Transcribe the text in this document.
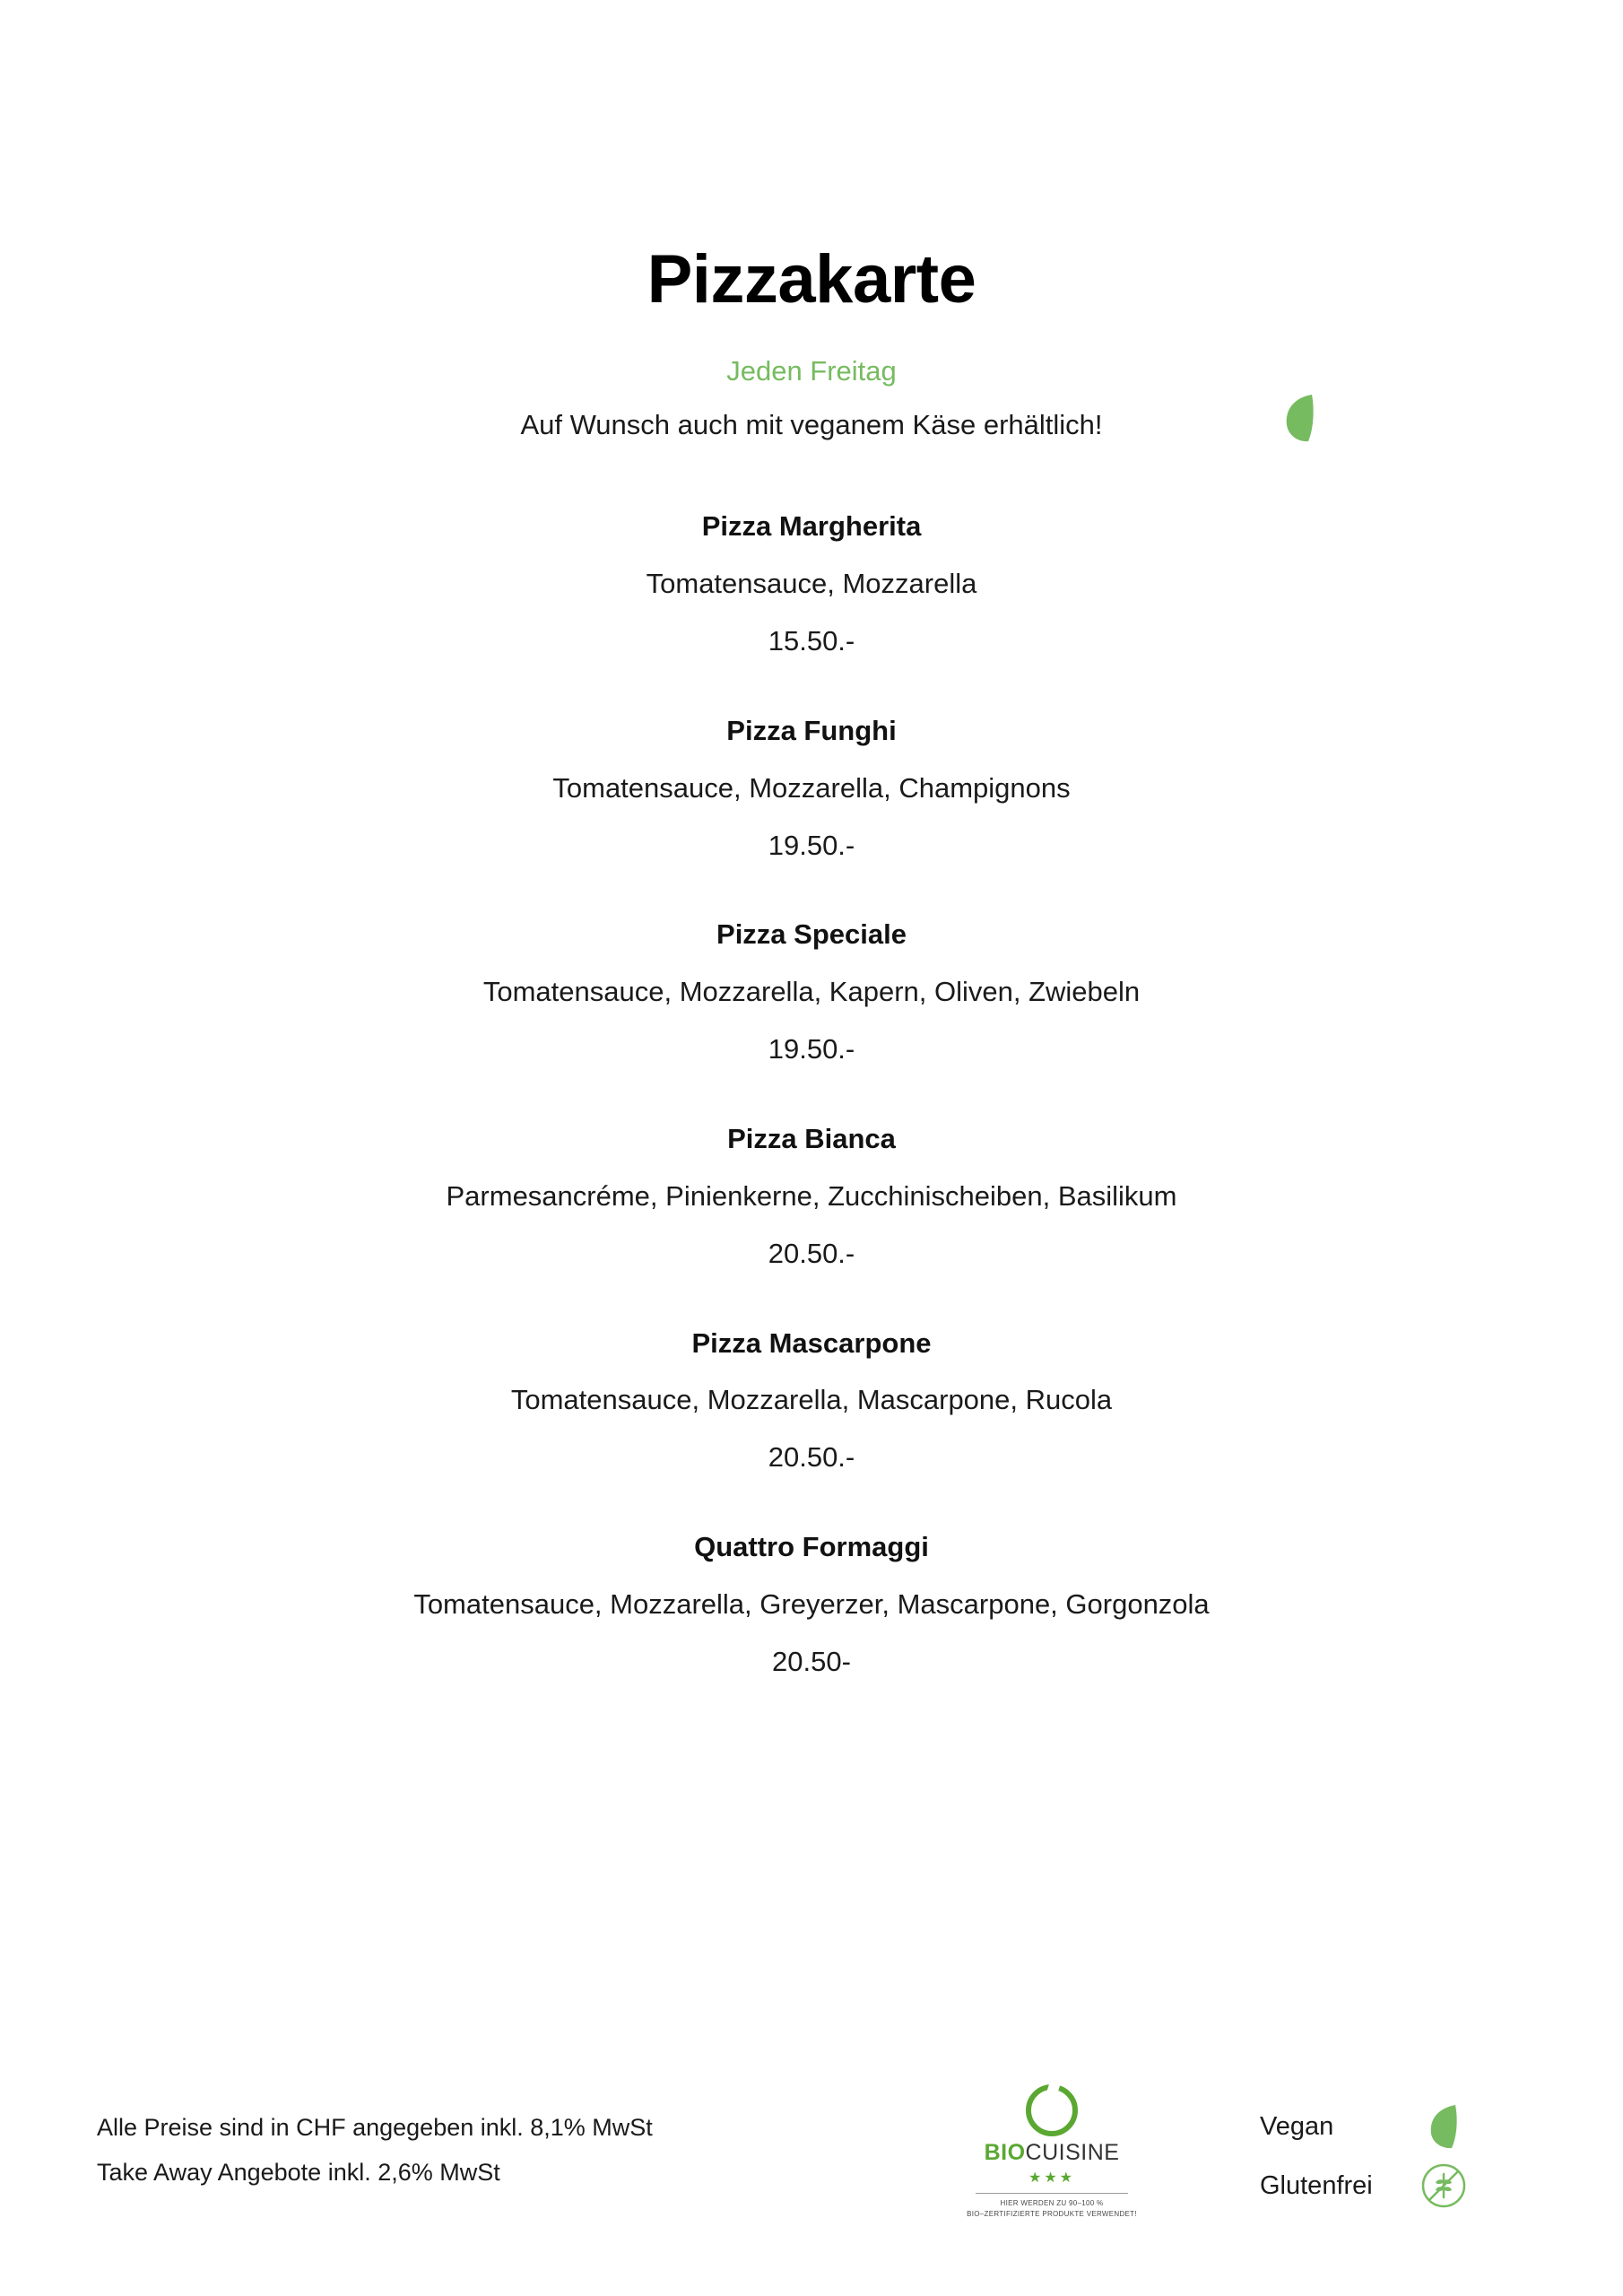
Pizzakarte
Jeden Freitag
Auf Wunsch auch mit veganem Käse erhältlich!
Pizza Margherita
Tomatensauce, Mozzarella
15.50.-
Pizza Funghi
Tomatensauce, Mozzarella, Champignons
19.50.-
Pizza Speciale
Tomatensauce, Mozzarella, Kapern, Oliven, Zwiebeln
19.50.-
Pizza Bianca
Parmesancréme, Pinienkerne, Zucchinischeiben, Basilikum
20.50.-
Pizza Mascarpone
Tomatensauce, Mozzarella, Mascarpone, Rucola
20.50.-
Quattro Formaggi
Tomatensauce, Mozzarella, Greyerzer, Mascarpone, Gorgonzola
20.50-
Alle Preise sind in CHF angegeben inkl. 8,1% MwSt
Take Away Angebote inkl. 2,6% MwSt
BIOCUISINE
★★★
HIER WERDEN ZU 90–100 %
BIO–ZERTIFIZIERTE PRODUKTE VERWENDET!
Vegan
Glutenfrei
